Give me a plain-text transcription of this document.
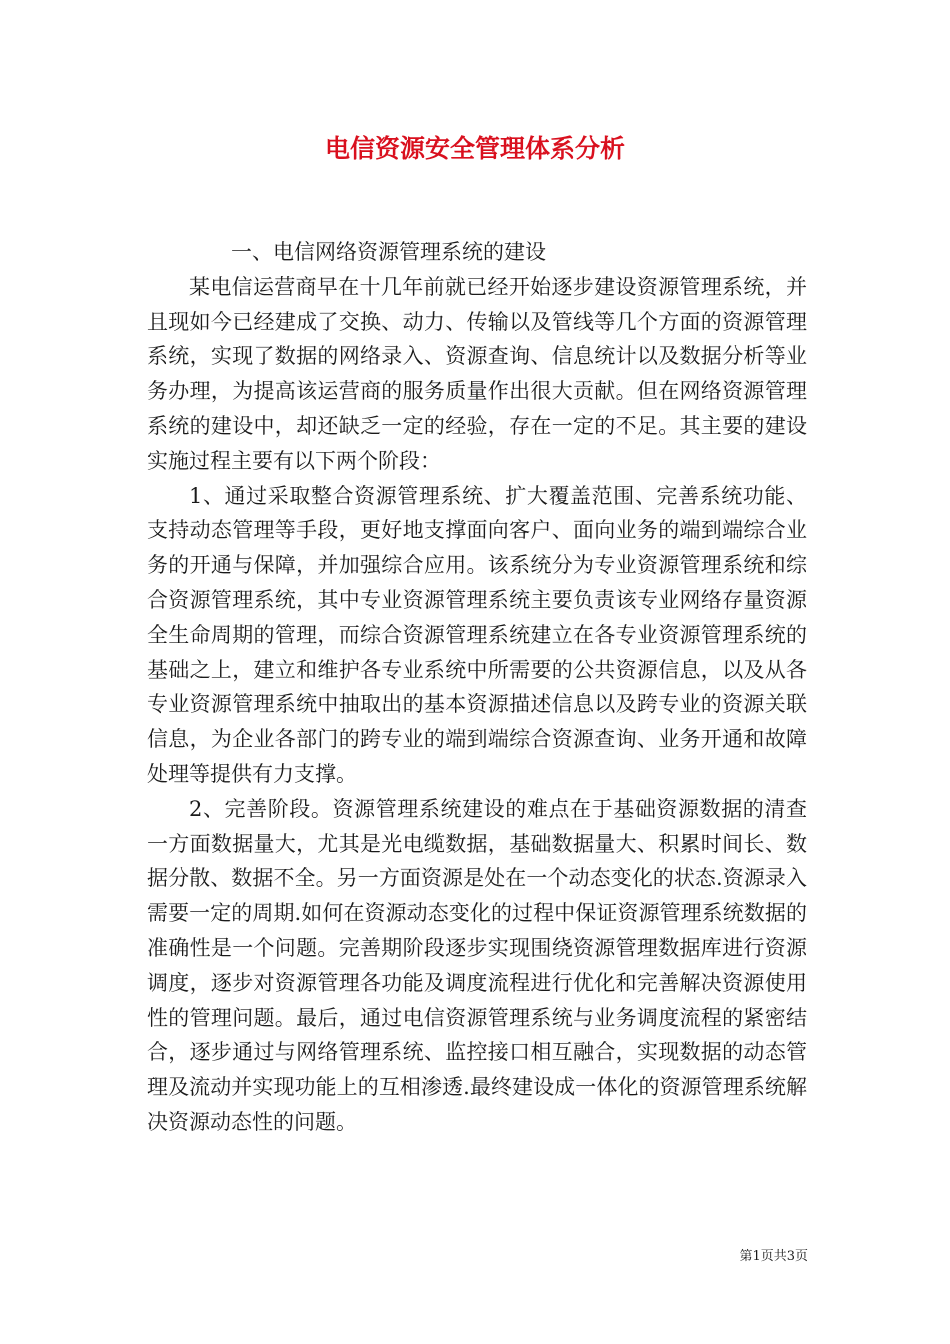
电信资源安全管理体系分析

一、电信网络资源管理系统的建设

某电信运营商早在十几年前就已经开始逐步建设资源管理系统，并且现如今已经建成了交换、动力、传输以及管线等几个方面的资源管理系统，实现了数据的网络录入、资源查询、信息统计以及数据分析等业务办理，为提高该运营商的服务质量作出很大贡献。但在网络资源管理系统的建设中，却还缺乏一定的经验，存在一定的不足。其主要的建设实施过程主要有以下两个阶段：

1、通过采取整合资源管理系统、扩大覆盖范围、完善系统功能、支持动态管理等手段，更好地支撑面向客户、面向业务的端到端综合业务的开通与保障，并加强综合应用。该系统分为专业资源管理系统和综合资源管理系统，其中专业资源管理系统主要负责该专业网络存量资源全生命周期的管理，而综合资源管理系统建立在各专业资源管理系统的基础之上，建立和维护各专业系统中所需要的公共资源信息，以及从各专业资源管理系统中抽取出的基本资源描述信息以及跨专业的资源关联信息，为企业各部门的跨专业的端到端综合资源查询、业务开通和故障处理等提供有力支撑。

2、完善阶段。资源管理系统建设的难点在于基础资源数据的清查一方面数据量大，尤其是光电缆数据，基础数据量大、积累时间长、数据分散、数据不全。另一方面资源是处在一个动态变化的状态.资源录入需要一定的周期.如何在资源动态变化的过程中保证资源管理系统数据的准确性是一个问题。完善期阶段逐步实现围绕资源管理数据库进行资源调度，逐步对资源管理各功能及调度流程进行优化和完善解决资源使用性的管理问题。最后，通过电信资源管理系统与业务调度流程的紧密结合，逐步通过与网络管理系统、监控接口相互融合，实现数据的动态管理及流动并实现功能上的互相渗透.最终建设成一体化的资源管理系统解决资源动态性的问题。

第1页共3页
